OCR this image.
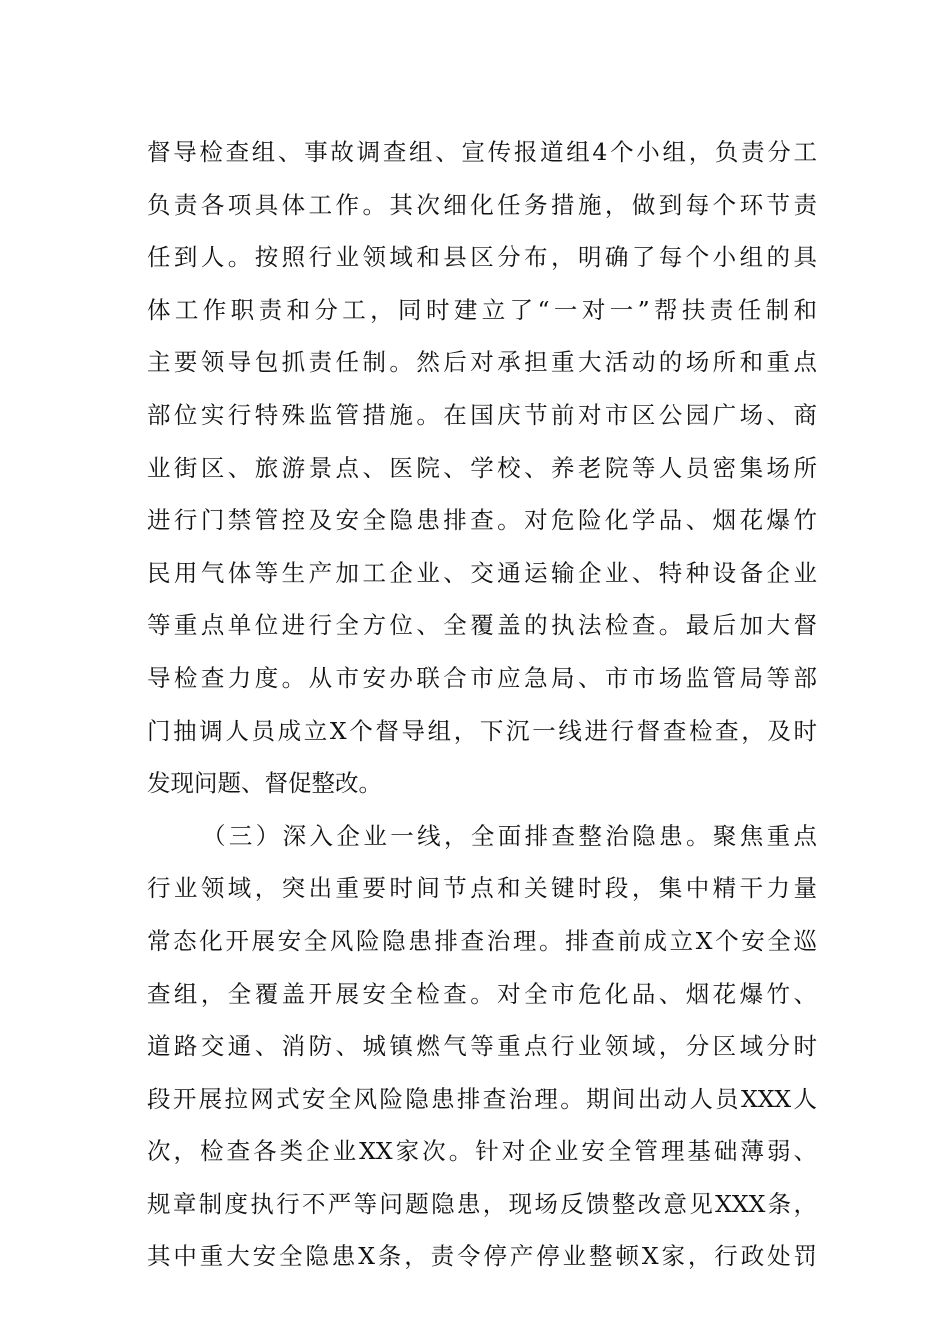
督导检查组、事故调查组、宣传报道组4个小组，负责分工
负责各项具体工作。其次细化任务措施，做到每个环节责
任到人。按照行业领域和县区分布，明确了每个小组的具
体工作职责和分工，同时建立了“一对一”帮扶责任制和
主要领导包抓责任制。然后对承担重大活动的场所和重点
部位实行特殊监管措施。在国庆节前对市区公园广场、商
业街区、旅游景点、医院、学校、养老院等人员密集场所
进行门禁管控及安全隐患排查。对危险化学品、烟花爆竹
民用气体等生产加工企业、交通运输企业、特种设备企业
等重点单位进行全方位、全覆盖的执法检查。最后加大督
导检查力度。从市安办联合市应急局、市市场监管局等部
门抽调人员成立X个督导组，下沉一线进行督查检查，及时
发现问题、督促整改。
（三）深入企业一线，全面排查整治隐患。聚焦重点
行业领域，突出重要时间节点和关键时段，集中精干力量
常态化开展安全风险隐患排查治理。排查前成立X个安全巡
查组，全覆盖开展安全检查。对全市危化品、烟花爆竹、
道路交通、消防、城镇燃气等重点行业领域，分区域分时
段开展拉网式安全风险隐患排查治理。期间出动人员XXX人
次，检查各类企业XX家次。针对企业安全管理基础薄弱、
规章制度执行不严等问题隐患，现场反馈整改意见XXX条，
其中重大安全隐患X条，责令停产停业整顿X家，行政处罚
